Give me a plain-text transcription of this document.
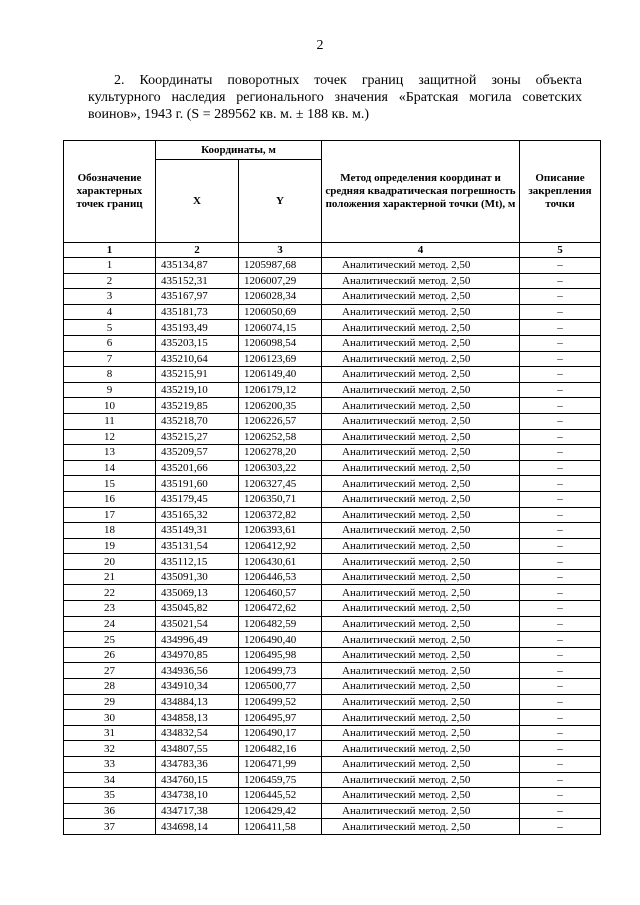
2
2. Координаты поворотных точек границ защитной зоны объекта
культурного наследия регионального значения «Братская могила советских
воинов», 1943 г. (S = 289562 кв. м. ± 188 кв. м.)
Обозначение характерных точек границ	Координаты, м		Метод определения координат и средняя квадратическая погрешность положения характерной точки (Mt), м	Описание закрепления точки
	X	Y		
1	2	3	4	5
1	435134,87	1205987,68	Аналитический метод. 2,50	–
2	435152,31	1206007,29	Аналитический метод. 2,50	–
3	435167,97	1206028,34	Аналитический метод. 2,50	–
4	435181,73	1206050,69	Аналитический метод. 2,50	–
5	435193,49	1206074,15	Аналитический метод. 2,50	–
6	435203,15	1206098,54	Аналитический метод. 2,50	–
7	435210,64	1206123,69	Аналитический метод. 2,50	–
8	435215,91	1206149,40	Аналитический метод. 2,50	–
9	435219,10	1206179,12	Аналитический метод. 2,50	–
10	435219,85	1206200,35	Аналитический метод. 2,50	–
11	435218,70	1206226,57	Аналитический метод. 2,50	–
12	435215,27	1206252,58	Аналитический метод. 2,50	–
13	435209,57	1206278,20	Аналитический метод. 2,50	–
14	435201,66	1206303,22	Аналитический метод. 2,50	–
15	435191,60	1206327,45	Аналитический метод. 2,50	–
16	435179,45	1206350,71	Аналитический метод. 2,50	–
17	435165,32	1206372,82	Аналитический метод. 2,50	–
18	435149,31	1206393,61	Аналитический метод. 2,50	–
19	435131,54	1206412,92	Аналитический метод. 2,50	–
20	435112,15	1206430,61	Аналитический метод. 2,50	–
21	435091,30	1206446,53	Аналитический метод. 2,50	–
22	435069,13	1206460,57	Аналитический метод. 2,50	–
23	435045,82	1206472,62	Аналитический метод. 2,50	–
24	435021,54	1206482,59	Аналитический метод. 2,50	–
25	434996,49	1206490,40	Аналитический метод. 2,50	–
26	434970,85	1206495,98	Аналитический метод. 2,50	–
27	434936,56	1206499,73	Аналитический метод. 2,50	–
28	434910,34	1206500,77	Аналитический метод. 2,50	–
29	434884,13	1206499,52	Аналитический метод. 2,50	–
30	434858,13	1206495,97	Аналитический метод. 2,50	–
31	434832,54	1206490,17	Аналитический метод. 2,50	–
32	434807,55	1206482,16	Аналитический метод. 2,50	–
33	434783,36	1206471,99	Аналитический метод. 2,50	–
34	434760,15	1206459,75	Аналитический метод. 2,50	–
35	434738,10	1206445,52	Аналитический метод. 2,50	–
36	434717,38	1206429,42	Аналитический метод. 2,50	–
37	434698,14	1206411,58	Аналитический метод. 2,50	–
